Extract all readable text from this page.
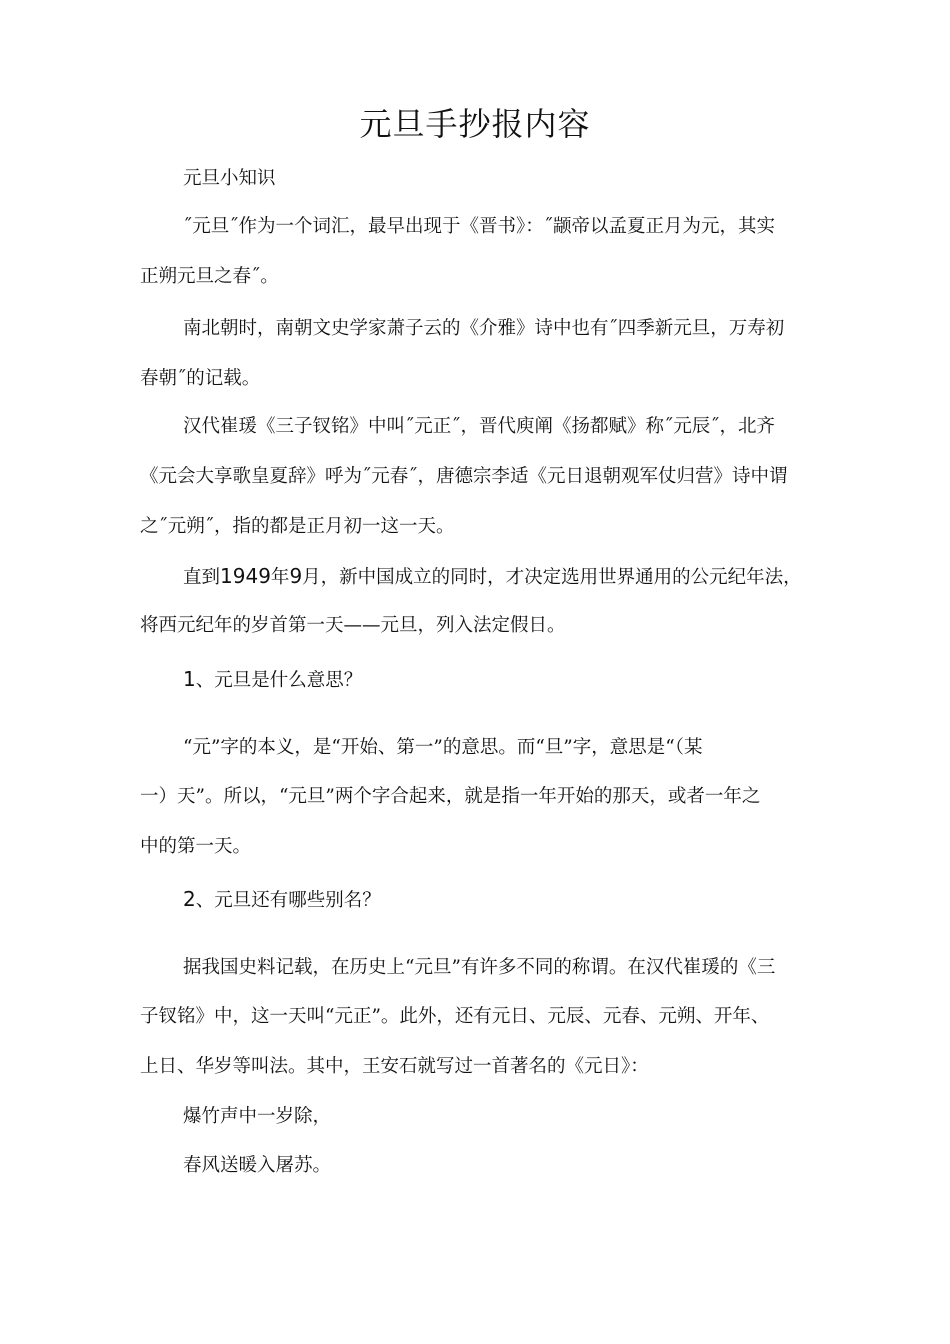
元旦手抄报内容
元旦小知识
˝元旦˝作为一个词汇，最早出现于《晋书》：˝颛帝以孟夏正月为元，其实
正朔元旦之春˝。
南北朝时，南朝文史学家萧子云的《介雅》诗中也有˝四季新元旦，万寿初
春朝˝的记载。
汉代崔瑗《三子钗铭》中叫˝元正˝，晋代庾阐《扬都赋》称˝元辰˝，北齐
《元会大享歌皇夏辞》呼为˝元春˝，唐德宗李适《元日退朝观军仗归营》诗中谓
之˝元朔˝，指的都是正月初一这一天。
直到1949年9月，新中国成立的同时，才决定选用世界通用的公元纪年法，
将西元纪年的岁首第一天——元旦，列入法定假日。
1、元旦是什么意思？
“元”字的本义，是“开始、第一”的意思。而“旦”字，意思是“（某
一）天”。所以，“元旦”两个字合起来，就是指一年开始的那天，或者一年之
中的第一天。
2、元旦还有哪些别名？
据我国史料记载，在历史上“元旦”有许多不同的称谓。在汉代崔瑗的《三
子钗铭》中，这一天叫“元正”。此外，还有元日、元辰、元春、元朔、开年、
上日、华岁等叫法。其中，王安石就写过一首著名的《元日》：
爆竹声中一岁除，
春风送暖入屠苏。
